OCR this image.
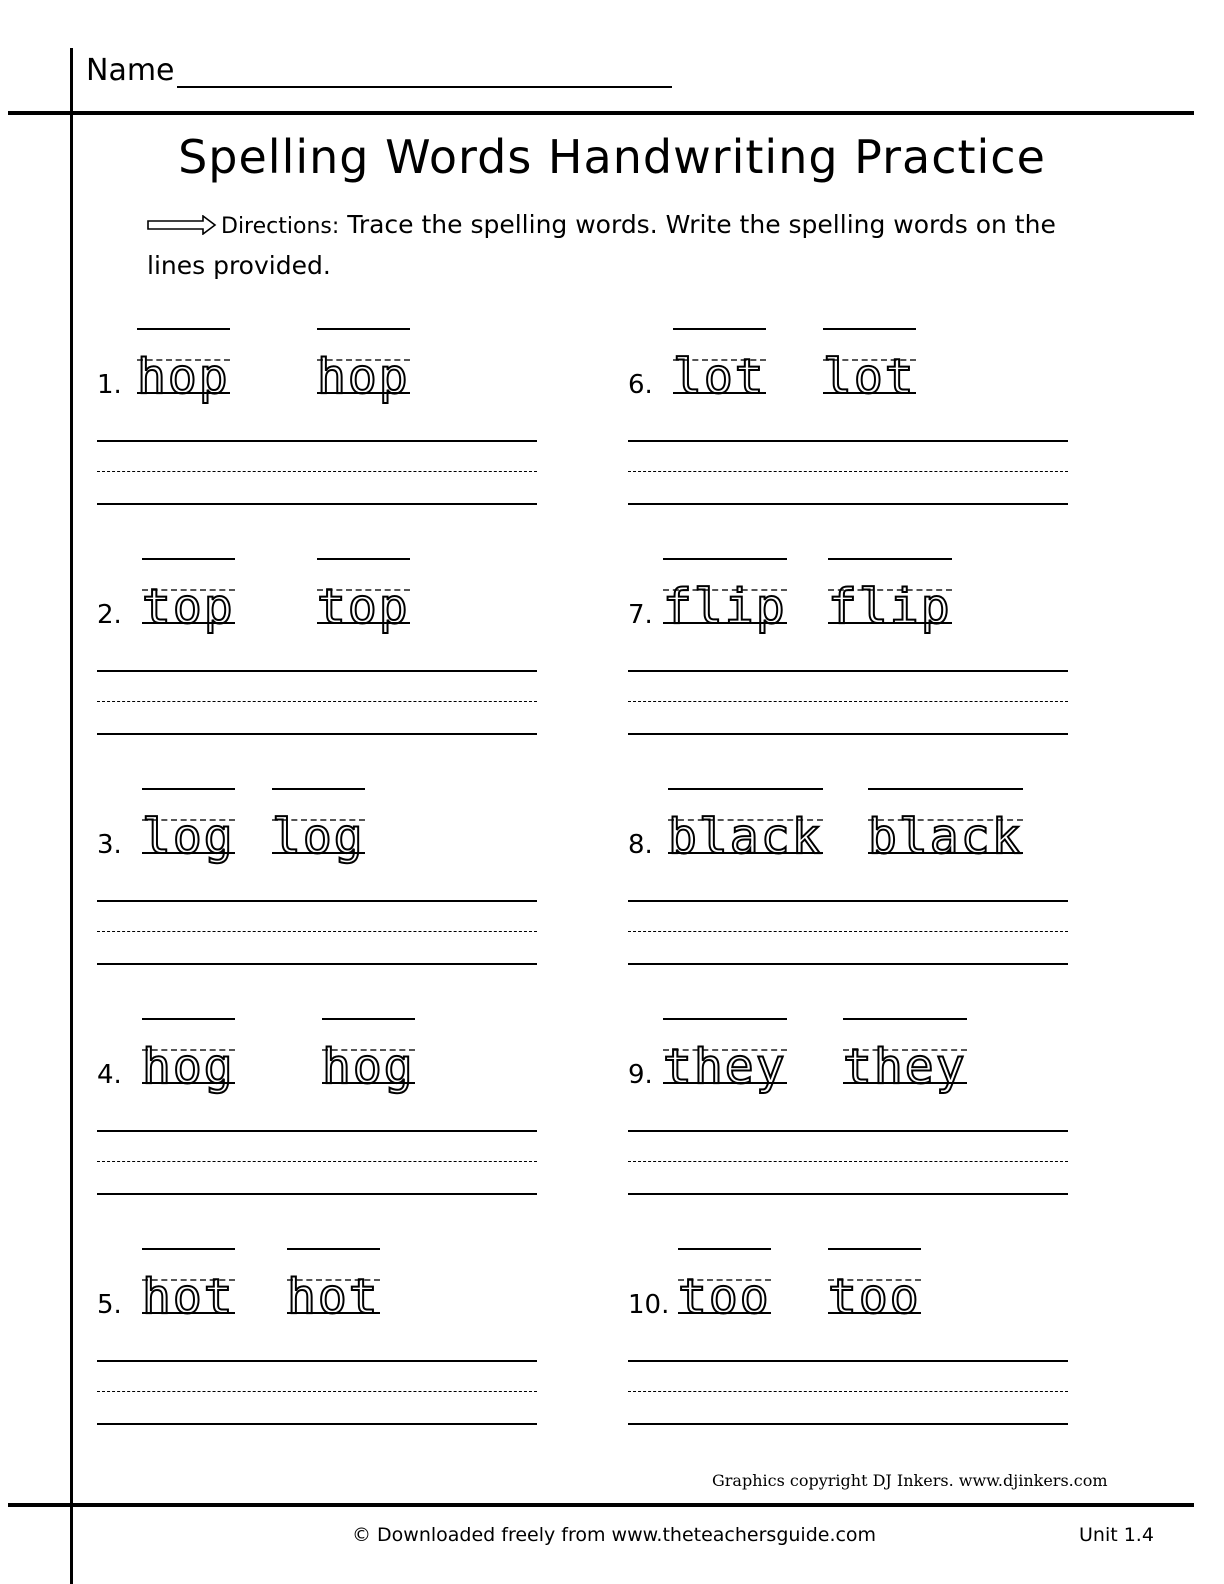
Name
Spelling Words Handwriting Practice
Directions: Trace the spelling words. Write the spelling words on the lines provided.
1. hop hop
2. top top
3. log log
4. hog hog
5. hot hot
6. lot lot
7. flip flip
8. black black
9. they they
10. too too
Graphics copyright DJ Inkers. www.djinkers.com
© Downloaded freely from www.theteachersguide.com	Unit 1.4
